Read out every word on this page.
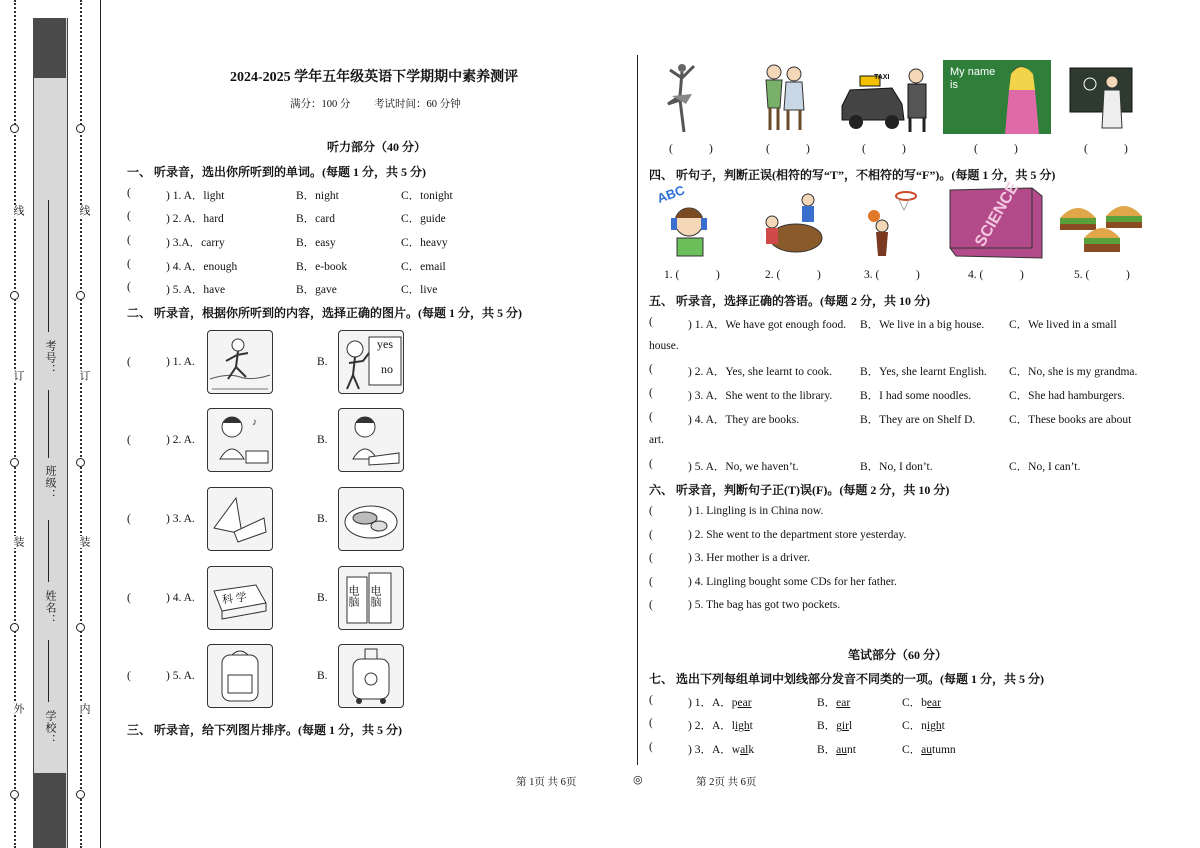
线
订
装
外
线
订
装
内
考号：
班级：
姓名：
学校：
2024-2025 学年五年级英语下学期期中素养测评
满分：100 分 考试时间：60 分钟
听力部分（40 分）
一、 听录音，选出你所听到的单词。(每题 1 分，共 5 分)
(	) 1. A．light	B．night	C．tonight
(	) 2. A．hard	B．card	C．guide
(	) 3.A．carry	B．easy	C．heavy
(	) 4. A．enough	B．e-book	C．email
(	) 5. A．have	B．gave	C．live
二、 听录音，根据你所听到的内容，选择正确的图片。(每题 1 分，共 5 分)
(	) 1. A.	B.
yes
no
(	) 2. A.
♪
B.
(	) 3. A.	B.
(	) 4. A. 科 学	B. 电脑 电脑
(	) 5. A.	B.
三、 听录音，给下列图片排序。(每题 1 分，共 5 分)
第 1页 共 6页	◎	第 2页 共 6页
TAXI	My name is
(	)	(	)	(	)	(	)	(	)
四、 听句子，判断正误(相符的写“T”，不相符的写“F”)。(每题 1 分，共 5 分)
ABC	SCIENCE
1. (	)	2. (	)	3. (	)	4. (	)	5. (	)
五、 听录音，选择正确的答语。(每题 2 分，共 10 分)
(	) 1. A．We have got enough food. B．We live in a big house. C．We lived in a small
house.
(	) 2. A．Yes, she learnt to cook. B．Yes, she learnt English. C．No, she is my grandma.
(	) 3. A．She went to the library. B．I had some noodles.	C．She had hamburgers.
(	) 4. A．They are books.	B．They are on Shelf D.	C．These books are about
art.
(	) 5. A．No, we haven’t.	B．No, I don’t.	C．No, I can’t.
六、 听录音，判断句子正(T)误(F)。(每题 2 分，共 10 分)
(	) 1. Lingling is in China now.
(	) 2. She went to the department store yesterday.
(	) 3. Her mother is a driver.
(	) 4. Lingling bought some CDs for her father.
(	) 5. The bag has got two pockets.
笔试部分（60 分）
七、 选出下列每组单词中划线部分发音不同类的一项。(每题 1 分，共 5 分)
(	) 1．A．pear	B．ear	C．bear
(	) 2．A．light	B．girl	C．night
(	) 3．A．walk	B．aunt	C．autumn
